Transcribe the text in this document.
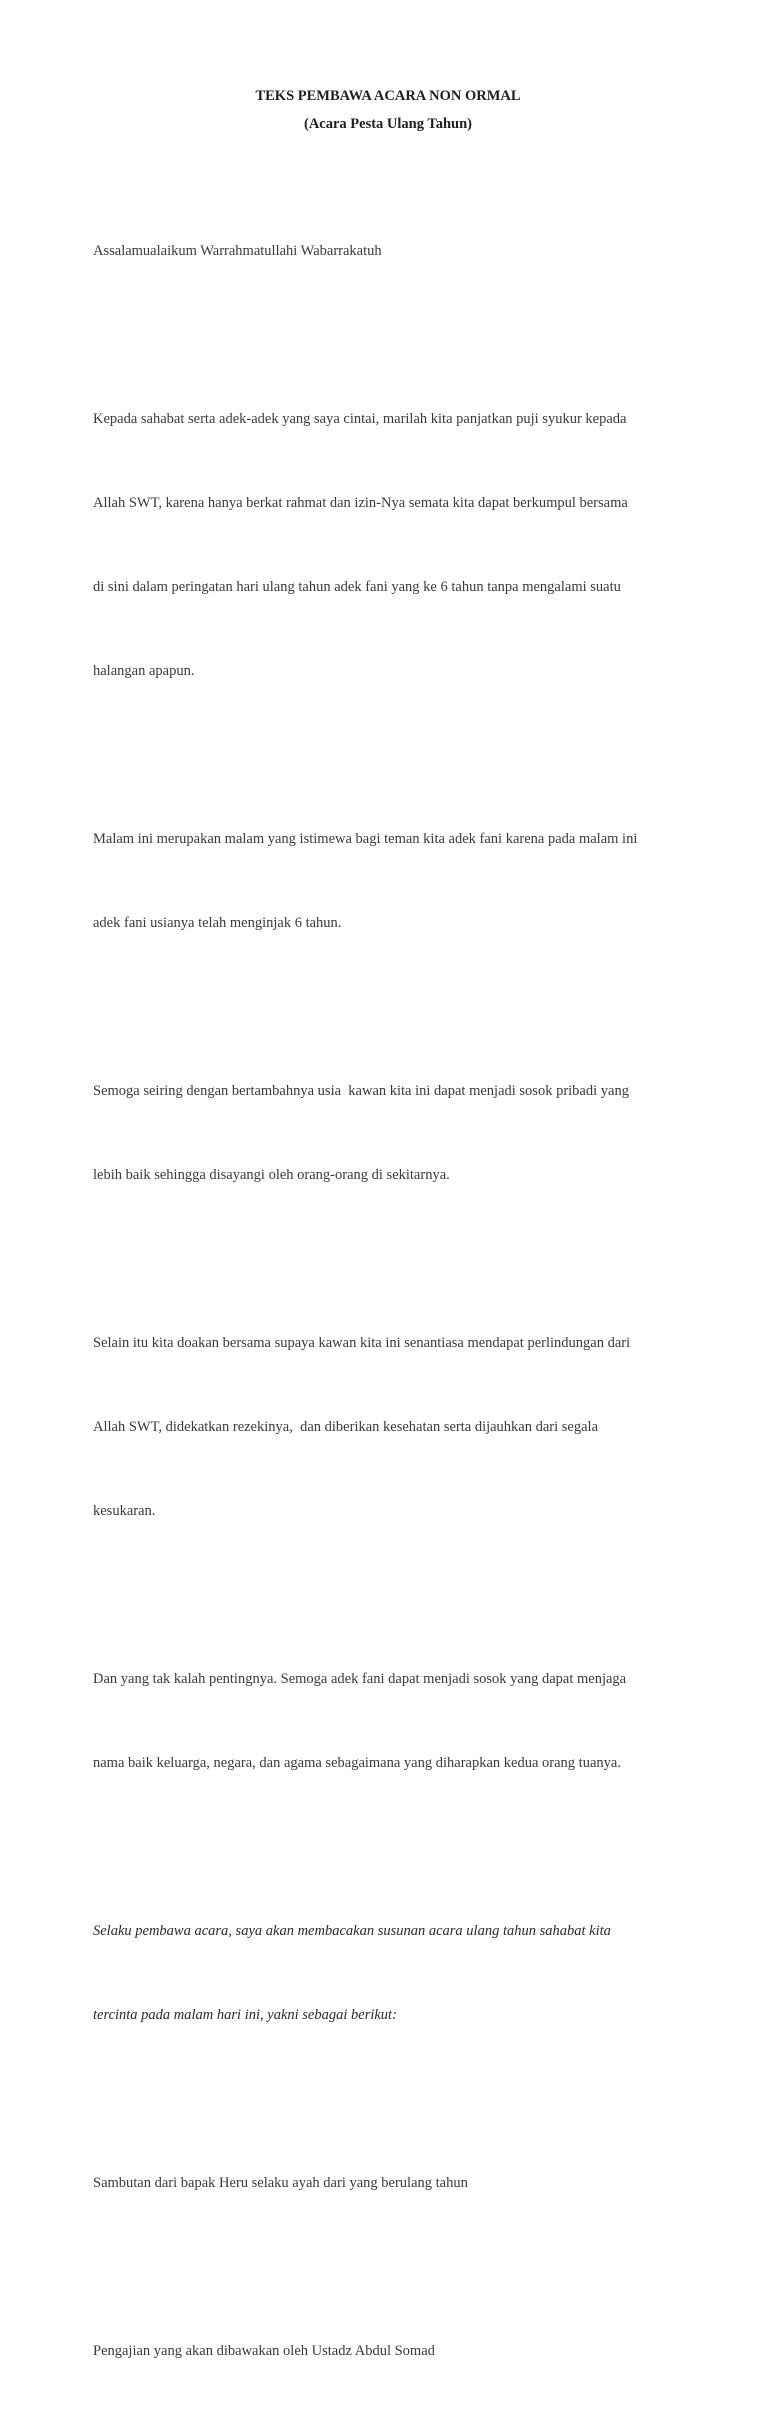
TEKS PEMBAWA ACARA NON ORMAL
(Acara Pesta Ulang Tahun)

Assalamualaikum Warrahmatullahi Wabarrakatuh

Kepada sahabat serta adek-adek yang saya cintai, marilah kita panjatkan puji syukur kepada

Allah SWT, karena hanya berkat rahmat dan izin-Nya semata kita dapat berkumpul bersama

di sini dalam peringatan hari ulang tahun adek fani yang ke 6 tahun tanpa mengalami suatu

halangan apapun.

Malam ini merupakan malam yang istimewa bagi teman kita adek fani karena pada malam ini

adek fani usianya telah menginjak 6 tahun.

Semoga seiring dengan bertambahnya usia  kawan kita ini dapat menjadi sosok pribadi yang

lebih baik sehingga disayangi oleh orang-orang di sekitarnya.

Selain itu kita doakan bersama supaya kawan kita ini senantiasa mendapat perlindungan dari

Allah SWT, didekatkan rezekinya,  dan diberikan kesehatan serta dijauhkan dari segala

kesukaran.

Dan yang tak kalah pentingnya. Semoga adek fani dapat menjadi sosok yang dapat menjaga

nama baik keluarga, negara, dan agama sebagaimana yang diharapkan kedua orang tuanya.

Selaku pembawa acara, saya akan membacakan susunan acara ulang tahun sahabat kita

tercinta pada malam hari ini, yakni sebagai berikut:

Sambutan dari bapak Heru selaku ayah dari yang berulang tahun

Pengajian yang akan dibawakan oleh Ustadz Abdul Somad
